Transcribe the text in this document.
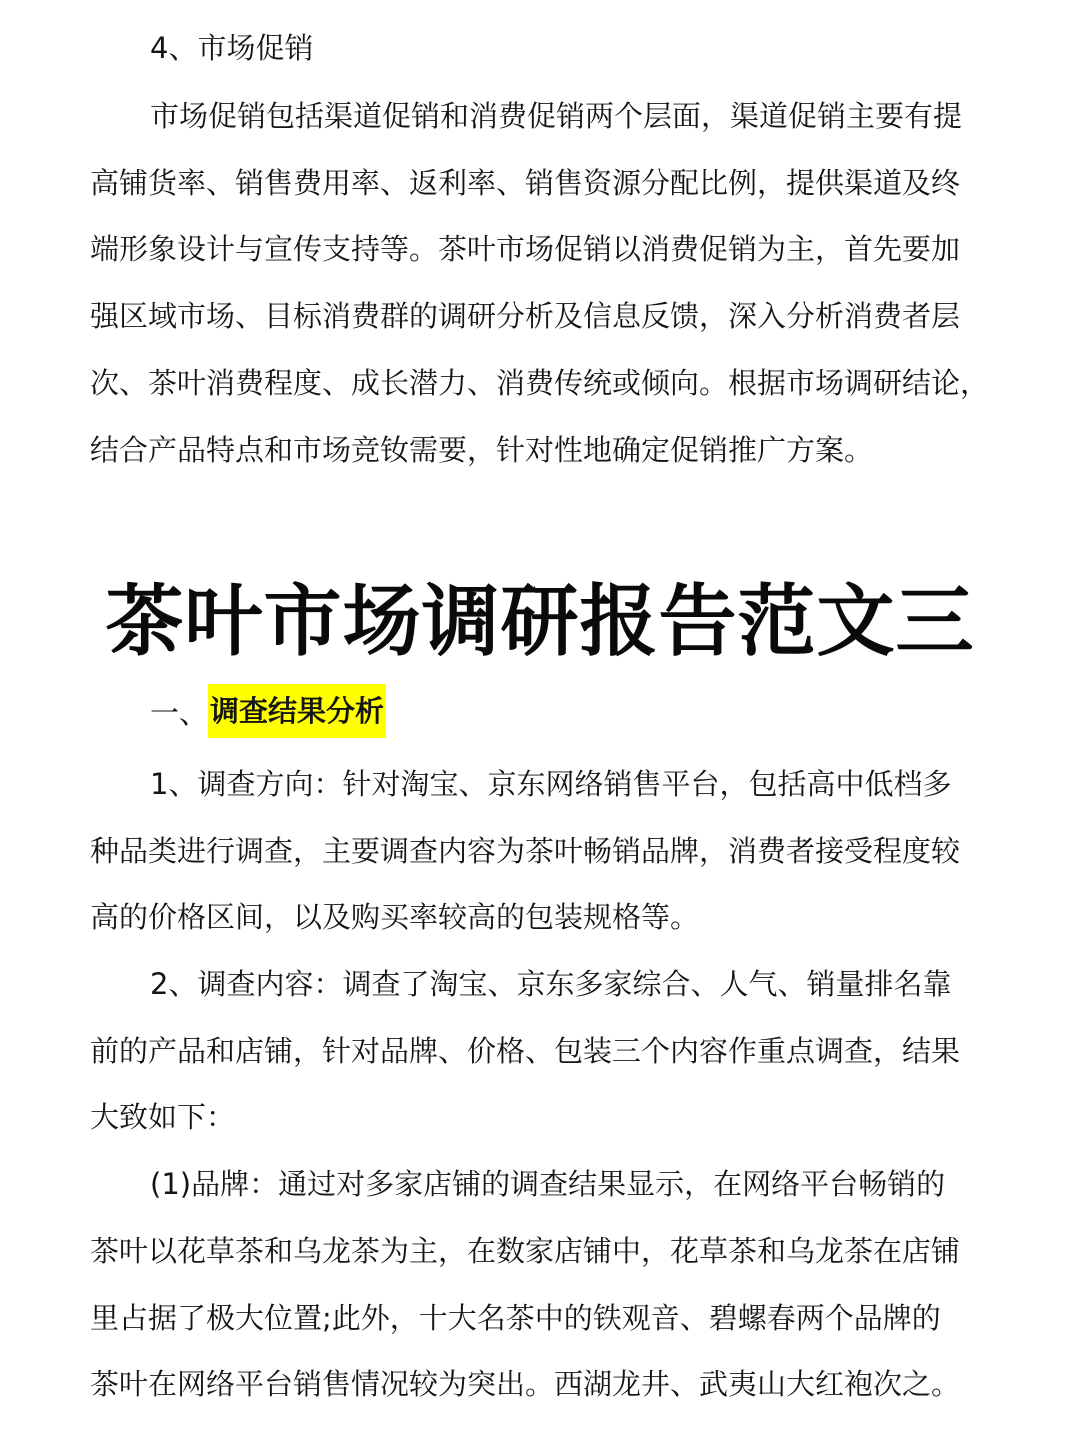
4、市场促销
市场促销包括渠道促销和消费促销两个层面，渠道促销主要有提
高铺货率、销售费用率、返利率、销售资源分配比例，提供渠道及终
端形象设计与宣传支持等。茶叶市场促销以消费促销为主，首先要加
强区域市场、目标消费群的调研分析及信息反馈，深入分析消费者层
次、茶叶消费程度、成长潜力、消费传统或倾向。根据市场调研结论，
结合产品特点和市场竞钕需要，针对性地确定促销推广方案。
茶叶市场调研报告范文三
一、 调查结果分析
1、调查方向：针对淘宝、京东网络销售平台，包括高中低档多
种品类进行调查，主要调查内容为茶叶畅销品牌，消费者接受程度较
高的价格区间，以及购买率较高的包装规格等。
2、调查内容：调查了淘宝、京东多家综合、人气、销量排名靠
前的产品和店铺，针对品牌、价格、包装三个内容作重点调查，结果
大致如下：
(1)品牌：通过对多家店铺的调查结果显示，在网络平台畅销的
茶叶以花草茶和乌龙茶为主，在数家店铺中，花草茶和乌龙茶在店铺
里占据了极大位置;此外，十大名茶中的铁观音、碧螺春两个品牌的
茶叶在网络平台销售情况较为突出。西湖龙井、武夷山大红袍次之。
